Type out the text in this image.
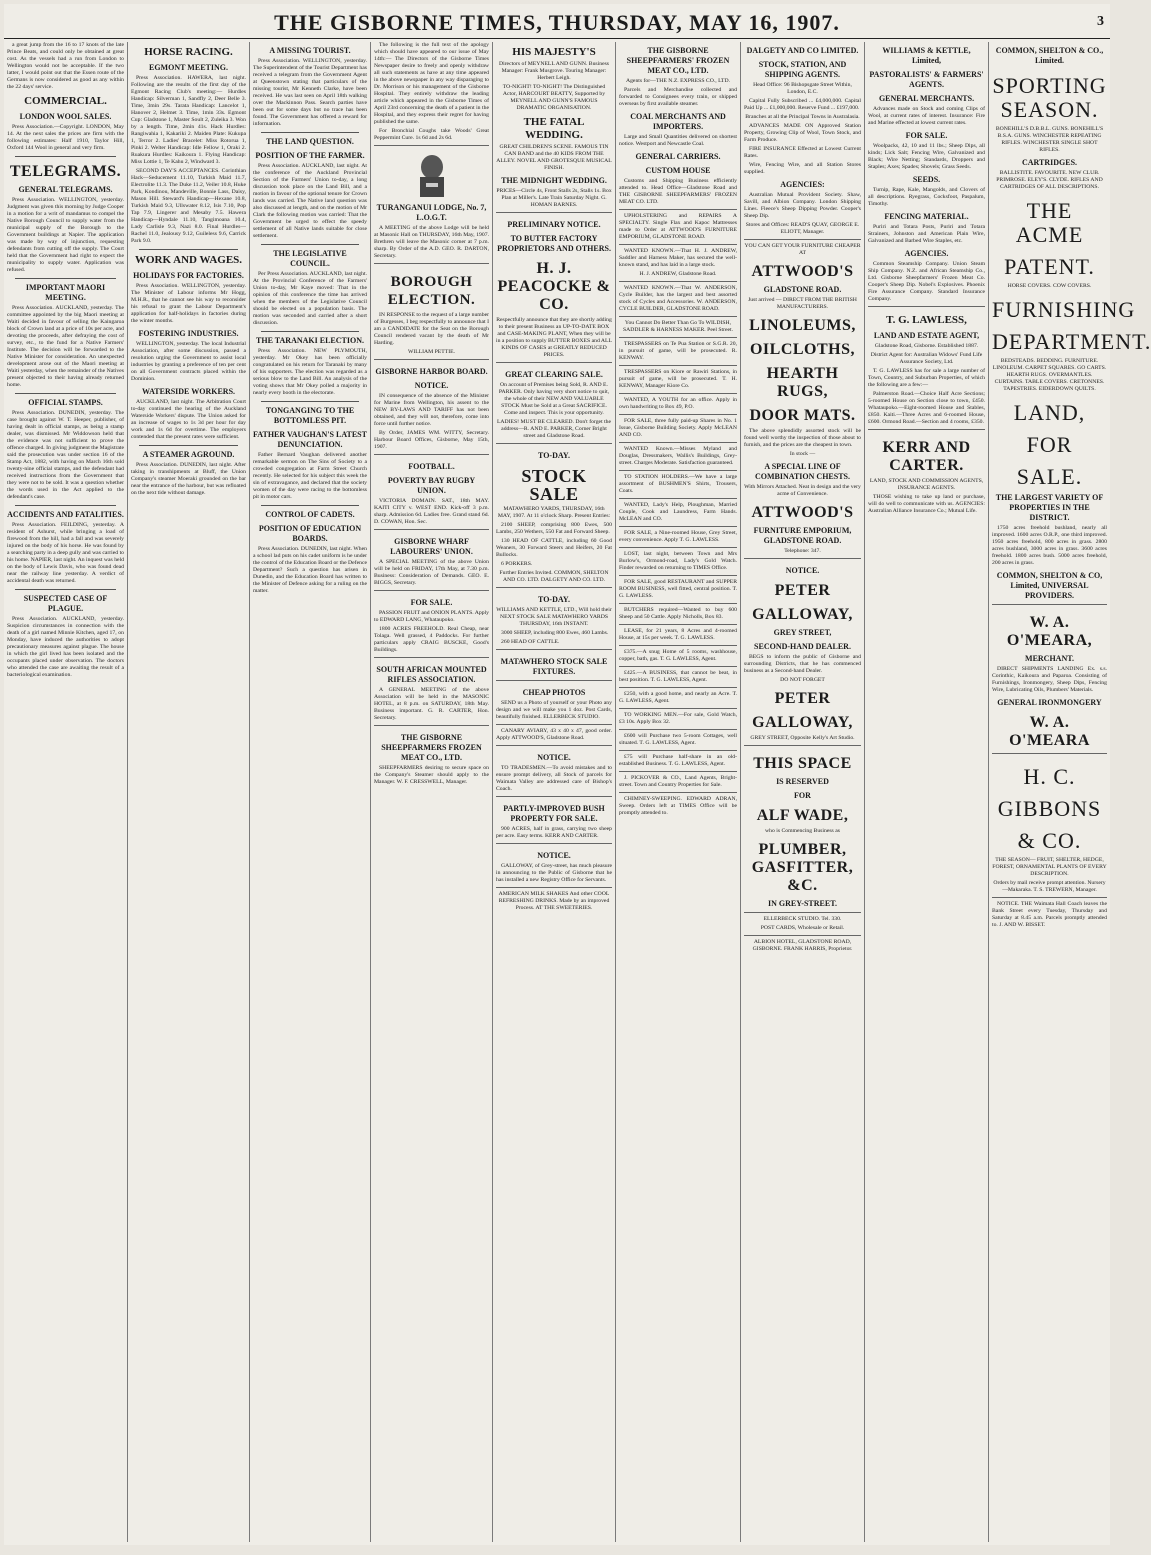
THE GISBORNE TIMES, THURSDAY, MAY 16, 1907.	3

a great jump from the 16 to 17 knots of the late Prince Beats, and could only be obtained at great cost. As the vessels had a run from London to Wellington would not be acceptable. If the two latter, I would point out that the Essen route of the Germans is now considered as good as any within the 22 days' service.

COMMERCIAL.
LONDON WOOL SALES.

Press Association.—Copyright. LONDON, May 14. At the next sales the prices are firm with the following estimates: Half 1910, Taylor Hill, Oxford 144 Wool in general and very firm.

TELEGRAMS.
GENERAL TELEGRAMS.

Press Association. WELLINGTON, yesterday. Judgment was given this morning by Judge Cooper in a motion for a writ of mandamus to compel the Native Borough Council to supply water from the municipal supply of the Borough to the Government buildings at Napier. The application was made by way of injunction, requesting defendants from cutting off the supply. The Court held that the Government had right to expect the municipality to supply water. Application was refused.

IMPORTANT MAORI MEETING.

Press Association. AUCKLAND, yesterday. The committee appointed by the big Maori meeting at Waiti decided in favour of selling the Kaingaroa block of Crown land at a price of 10s per acre, and devoting the proceeds, after defraying the cost of survey, etc., to the fund for a Native Farmers' Institute. The decision will be forwarded to the Native Minister for consideration. An unexpected development arose out of the Maori meeting at Waiti yesterday, when the remainder of the Natives present objected to their having already returned home.

OFFICIAL STAMPS.

Press Association. DUNEDIN, yesterday. The case brought against W. T. Heeper, publisher, of having dealt in official stamps, as being a stamp dealer, was dismissed. Mr Widdowson held that the evidence was not sufficient to prove the offence charged. In giving judgment the Magistrate said the prosecution was under section 16 of the Stamp Act, 1882, with having on March 16th sold twenty-nine official stamps, and the defendant had received instructions from the Government that they were not to be sold. It was a question whether the words used in the Act applied to the defendant's case.

ACCIDENTS AND FATALITIES.

Press Association. FEILDING, yesterday. A resident of Ashurst, while bringing a load of firewood from the hill, had a fall and was severely injured on the body of his horse. He was found by a searching party in a deep gully and was carried to his home. NAPIER, last night. An inquest was held on the body of Lewis Davis, who was found dead near the railway line yesterday. A verdict of accidental death was returned.

SUSPECTED CASE OF PLAGUE.

Press Association. AUCKLAND, yesterday. Suspicion circumstances in connection with the death of a girl named Minnie Kitchen, aged 17, on Monday, have induced the authorities to adopt precautionary measures against plague. The house in which the girl lived has been isolated and the occupants placed under observation. The doctors who attended the case are awaiting the result of a bacteriological examination.

HORSE RACING.
EGMONT MEETING.

Press Association. HAWERA, last night. Following are the results of the first day of the Egmont Racing Club's meeting:— Hurdles Handicap: Silverman 1, Sandfly 2, Deer Belle 3. Time, 3min 29s. Tarata Handicap: Lancelot 1, Hanover 2, Helmet 3. Time, 1min 33s. Egmont Cup: Gladstone 1, Master Soult 2, Zuleika 3. Won by a length. Time, 2min 41s. Hack Hurdles: Rangiwahia 1, Kakariki 2. Maiden Plate: Kukupa 1, Terror 2. Ladies' Bracelet: Miss Rotorua 1, Pinki 2. Welter Handicap: Idle Fellow 1, Oraki 2. Ruakura Hurdles: Kaikoura 1. Flying Handicap: Miss Lottie 1, Te Kahu 2, Windward 3.

SECOND DAY'S ACCEPTANCES. Corinthian Hack—Seducement 11.10, Turkish Maid 11.7, Electrolite 11.3. The Duke 11.2, Veiler 10.8, Huke Park, Kondinou, Mandeville, Bonnie Lass, Daisy, Mason Hill. Steward's Handicap—Hexane 10.8, Turkish Maid 9.3, Ullswater 8.12, Isis 7.10, Pop Tap 7.9, Lingerer and Mesaby 7.5. Hawera Handicap—Hyndale 11.10, Tangimoana 10.4, Lady Carlisle 9.3, Nazi 8.0. Final Hurdles—Rachel 11.0, Jealousy 9.12, Guileless 9.6, Carrick Park 9.0.

WORK AND WAGES.
HOLIDAYS FOR FACTORIES.

Press Association. WELLINGTON, yesterday. The Minister of Labour informs Mr Hogg, M.H.R., that he cannot see his way to reconsider his refusal to grant the Labour Department's application for half-holidays in factories during the winter months.

FOSTERING INDUSTRIES.

WELLINGTON, yesterday. The local Industrial Association, after some discussion, passed a resolution urging the Government to assist local industries by granting a preference of ten per cent on all Government contracts placed within the Dominion.

WATERSIDE WORKERS.

AUCKLAND, last night. The Arbitration Court to-day continued the hearing of the Auckland Waterside Workers' dispute. The Union asked for an increase of wages to 1s 3d per hour for day work and 1s 6d for overtime. The employers contended that the present rates were sufficient.

A STEAMER AGROUND.

Press Association. DUNEDIN, last night. After taking in transhipments at Bluff, the Union Company's steamer Moeraki grounded on the bar near the entrance of the harbour, but was refloated on the next tide without damage.

A MISSING TOURIST.

Press Association. WELLINGTON, yesterday. The Superintendent of the Tourist Department has received a telegram from the Government Agent at Queenstown stating that particulars of the missing tourist, Mr Kenneth Clarke, have been received. He was last seen on April 18th walking over the Mackinnon Pass. Search parties have been out for some days but no trace has been found. The Government has offered a reward for information.

THE LAND QUESTION.
POSITION OF THE FARMER.

Press Association. AUCKLAND, last night. At the conference of the Auckland Provincial Section of the Farmers' Union to-day, a long discussion took place on the Land Bill, and a motion in favour of the optional tenure for Crown lands was carried. The Native land question was also discussed at length, and on the motion of Mr Clark the following motion was carried: That the Government be urged to effect the speedy settlement of all Native lands suitable for close settlement.

THE LEGISLATIVE COUNCIL.

Per Press Association. AUCKLAND, last night. At the Provincial Conference of the Farmers' Union to-day, Mr Kaye moved: That in the opinion of this conference the time has arrived when the members of the Legislative Council should be elected on a population basis. The motion was seconded and carried after a short discussion.

THE TARANAKI ELECTION.

Press Association. NEW PLYMOUTH, yesterday. Mr Okey has been officially congratulated on his return for Taranaki by many of his supporters. The election was regarded as a serious blow to the Land Bill. An analysis of the voting shows that Mr Okey polled a majority in nearly every booth in the electorate.

TONGANGING TO THE BOTTOMLESS PIT.
FATHER VAUGHAN'S LATEST DENUNCIATION.

Father Bernard Vaughan delivered another remarkable sermon on The Sins of Society to a crowded congregation at Farm Street Church recently. He selected for his subject this week the sin of extravagance, and declared that the society women of the day were racing to the bottomless pit in motor cars.

CONTROL OF CADETS.
POSITION OF EDUCATION BOARDS.

Press Association. DUNEDIN, last night. When a school lad puts on his cadet uniform is he under the control of the Education Board or the Defence Department? Such a question has arisen in Dunedin, and the Education Board has written to the Minister of Defence asking for a ruling on the matter.

The following is the full text of the apology which should have appeared to our issue of May 14th:— The Directors of the Gisborne Times Newspaper desire to freely and openly withdraw all such statements as have at any time appeared in the above newspaper in any way disparaging to Dr. Morrison or his management of the Gisborne Hospital. They entirely withdraw the leading article which appeared in the Gisborne Times of April 23rd concerning the death of a patient in the Hospital, and they express their regret for having published the same.

For Bronchial Coughs take Woods' Great Peppermint Cure. 1s 6d and 2s 6d.

TURANGANUI LODGE, No. 7, L.O.G.T.

A MEETING of the above Lodge will be held at Masonic Hall on THURSDAY, 16th May, 1907. Brethren will leave the Masonic corner at 7 p.m. sharp. By Order of the A.D. GEO. R. DARTON, Secretary.

BOROUGH ELECTION.

IN RESPONSE to the request of a large number of Burgesses, I beg respectfully to announce that I am a CANDIDATE for the Seat on the Borough Council rendered vacant by the death of Mr Harding.

WILLIAM PETTIE.

GISBORNE HARBOR BOARD.
NOTICE.

IN consequence of the absence of the Minister for Marine from Wellington, his assent to the NEW BY-LAWS AND TARIFF has not been obtained, and they will not, therefore, come into force until further notice.

By Order, JAMES WM. WITTY, Secretary. Harbour Board Offices, Gisborne, May 15th, 1907.

FOOTBALL.
POVERTY BAY RUGBY UNION.

VICTORIA DOMAIN. SAT., 18th MAY. KAITI CITY v. WEST END. Kick-off 3 p.m. sharp. Admission 6d. Ladies free. Grand stand 6d. D. COWAN, Hon. Sec.

GISBORNE WHARF LABOURERS' UNION.

A SPECIAL MEETING of the above Union will be held on FRIDAY, 17th May, at 7.30 p.m. Business: Consideration of Demands. GEO. E. BIGGS, Secretary.

FOR SALE.

PASSION FRUIT and ONION PLANTS. Apply to EDWARD LANG, Whataupoko.

1800 ACRES FREEHOLD. Real Cheap, near Tolaga. Well grassed, 4 Paddocks. For further particulars apply CRAIG BUSCKE, Good's Buildings.

SOUTH AFRICAN MOUNTED RIFLES ASSOCIATION.

A GENERAL MEETING of the above Association will be held in the MASONIC HOTEL, at 8 p.m. on SATURDAY, 18th May. Business important. G. R. CARTER, Hon. Secretary.

THE GISBORNE SHEEPFARMERS FROZEN MEAT CO., LTD.

SHEEPFARMERS desiring to secure space on the Company's Steamer should apply to the Manager. W. F. CRESSWELL, Manager.

HIS MAJESTY'S

Directors of MEYNELL AND GUNN. Business Manager: Frank Musgrove. Touring Manager: Herbert Leigh.

TO-NIGHT! TO-NIGHT! The Distinguished Actor, HARCOURT BEATTY, Supported by MEYNELL AND GUNN'S FAMOUS DRAMATIC ORGANISATION.

THE FATAL WEDDING.

GREAT CHILDREN'S SCENE. FAMOUS TIN CAN BAND and the 40 KIDS FROM THE ALLEY. NOVEL AND GROTESQUE MUSICAL FINISH.

THE MIDNIGHT WEDDING.

PRICES—Circle 4s, Front Stalls 2s, Stalls 1s. Box Plan at Miller's. Late Train Saturday Night. G. HOMAN BARNES.

PRELIMINARY NOTICE.
TO BUTTER FACTORY PROPRIETORS AND OTHERS.
H. J. PEACOCKE & CO.

Respectfully announce that they are shortly adding to their present Business an UP-TO-DATE BOX and CASE-MAKING PLANT, When they will be in a position to supply BUTTER BOXES and ALL KINDS OF CASES at GREATLY REDUCED PRICES.

GREAT CLEARING SALE.

On account of Premises being Sold, R. AND E. PARKER. Only having very short notice to quit, the whole of their NEW AND VALUABLE STOCK Must be Sold at a Great SACRIFICE. Come and inspect. This is your opportunity.

LADIES! MUST BE CLEARED. Don't forget the address—R. AND E. PARKER, Corner Bright street and Gladstone Road.

TO-DAY.
STOCK SALE

MATAWHERO YARDS, THURSDAY, 16th MAY, 1907. At 11 o'clock Sharp. Present Entries:

2100 SHEEP, comprising 800 Ewes, 500 Lambs, 250 Wethers, 550 Fat and Forward Sheep.

130 HEAD OF CATTLE, including 60 Good Weaners, 30 Forward Steers and Heifers, 20 Fat Bullocks.

6 PORKERS.

Further Entries Invited. COMMON, SHELTON AND CO. LTD. DALGETY AND CO. LTD.

TO-DAY.

WILLIAMS AND KETTLE, LTD., Will hold their NEXT STOCK SALE MATAWHERO YARDS THURSDAY, 16th INSTANT.

3000 SHEEP, including 800 Ewes, 460 Lambs.

260 HEAD OF CATTLE.

MATAWHERO STOCK SALE FIXTURES.
CHEAP PHOTOS

SEND us a Photo of yourself or your Photo any design and we will make you 1 doz. Post Cards, beautifully finished. ELLERBECK STUDIO.

CANARY AVIARY, 43 x 40 x 47, good order. Apply ATTWOOD'S, Gladstone Road.

NOTICE.

TO TRADESMEN.—To avoid mistakes and to ensure prompt delivery, all Stock of parcels for Waimata Valley are addressed care of Bishop's Coach.

PARTLY-IMPROVED BUSH PROPERTY FOR SALE.

900 ACRES, half in grass, carrying two sheep per acre. Easy terms. KERR AND CARTER.

NOTICE.

GALLOWAY, of Grey-street, has much pleasure in announcing to the Public of Gisborne that he has installed a new Registry Office for Servants.

AMERICAN MILK SHAKES And other COOL REFRESHING DRINKS. Made by an improved Process. AT THE SWEETERIES.

THE GISBORNE SHEEPFARMERS' FROZEN MEAT CO., LTD.

Agents for—THE N.Z. EXPRESS CO., LTD.

Parcels and Merchandise collected and forwarded to Consignees every train, or shipped overseas by first available steamer.

COAL MERCHANTS AND IMPORTERS.

Large and Small Quantities delivered on shortest notice. Westport and Newcastle Coal.

GENERAL CARRIERS.
CUSTOM HOUSE

Customs and Shipping Business efficiently attended to. Head Office—Gladstone Road and THE GISBORNE SHEEPFARMERS' FROZEN MEAT CO. LTD.

UPHOLSTERING and REPAIRS A SPECIALTY. Single Flax and Kapoc Mattresses made to Order at ATTWOOD'S FURNITURE EMPORIUM, GLADSTONE ROAD.

WANTED KNOWN.—That H. J. ANDREW, Saddler and Harness Maker, has secured the well-known stand, and has laid in a large stock.

H. J. ANDREW, Gladstone Road.

WANTED KNOWN.—That W. ANDERSON, Cycle Builder, has the largest and best assorted stock of Cycles and Accessories. W. ANDERSON, CYCLE BUILDER, GLADSTONE ROAD.

You Cannot Do Better Than Go To WILDISH, SADDLER & HARNESS MAKER. Peel Street.

TRESPASSERS on Te Pua Station or S.G.R. 20, in pursuit of game, will be prosecuted. R. KENWAY.

TRESPASSERS on Kiore or Rawiri Stations, in pursuit of game, will be prosecuted. T. H. KENWAY, Manager Kiore Co.

WANTED, A YOUTH for an office. Apply in own handwriting to Box 49, P.O.

FOR SALE, three fully paid-up Shares in No. 1 Issue, Gisborne Building Society. Apply McLEAN AND CO.

WANTED Known.—Misses Myland and Douglas, Dressmakers, Wallis's Buildings, Grey-street. Charges Moderate. Satisfaction guaranteed.

TO STATION HOLDERS.—We have a large assortment of BUSHMEN'S Shirts, Trousers, Coats.

WANTED, Lady's Help, Ploughman, Married Couple, Cook and Laundress, Farm Hands. McLEAN and CO.

FOR SALE, a Nine-roomed House, Grey Street, every convenience. Apply T. G. LAWLESS.

LOST, last night, between Town and Mrs Burlow's, Ormond-road, Lady's Gold Watch. Finder rewarded on returning to TIMES Office.

FOR SALE, good RESTAURANT and SUPPER ROOM BUSINESS, well fitted, central position. T. G. LAWLESS.

BUTCHERS required—Wanted to buy 600 Sheep and 50 Cattle. Apply Nicholls, Box 83.

LEASE, for 21 years, 8 Acres and 4-roomed House, at 15s per week. T. G. LAWLESS.

£375.—A snug Home of 5 rooms, washhouse, copper, bath, gas. T. G. LAWLESS, Agent.

£425.—A BUSINESS, that cannot be beat, in best position. T. G. LAWLESS, Agent.

£250, with a good home, and nearly an Acre. T. G. LAWLESS, Agent.

TO WORKING MEN.—For sale, Gold Watch, £3 10s. Apply Box 32.

£600 will Purchase two 5-room Cottages, well situated. T. G. LAWLESS, Agent.

£75 will Purchase half-share in an old-established Business. T. G. LAWLESS, Agent.

J. PICKOVER & CO., Land Agents, Bright-street. Town and Country Properties for Sale.

CHIMNEY-SWEEPING. EDWARD ADRAN, Sweep. Orders left at TIMES Office will be promptly attended to.

DALGETY AND CO LIMITED.
STOCK, STATION, AND SHIPPING AGENTS.

Head Office: 96 Bishopsgate Street Within, London, E.C.

Capital Fully Subscribed ... £4,000,000. Capital Paid Up ... £1,000,000. Reserve Fund ... £197,000.

Branches at all the Principal Towns in Australasia.

ADVANCES MADE ON Approved Station Property, Growing Clip of Wool, Town Stock, and Farm Produce.

FIRE INSURANCE Effected at Lowest Current Rates.

Wire, Fencing Wire, and all Station Stores supplied.

AGENCIES:

Australian Mutual Provident Society. Shaw, Savill, and Albion Company. London Shipping Lines. Fleece's Sheep Dipping Powder. Cooper's Sheep Dip.

Stores and Offices: READ'S QUAY, GEORGE E. ELIOTT, Manager.

YOU CAN GET YOUR FURNITURE CHEAPER AT

ATTWOOD'S
GLADSTONE ROAD.

Just arrived — DIRECT FROM THE BRITISH MANUFACTURERS.

LINOLEUMS,
OILCLOTHS,
HEARTH RUGS,
DOOR MATS.

The above splendidly assorted stock will be found well worthy the inspection of those about to furnish, and the prices are the cheapest in town.

In stock —

A SPECIAL LINE OF COMBINATION CHESTS.

With Mirrors Attached. Neat in design and the very acme of Convenience.

ATTWOOD'S
FURNITURE EMPORIUM, GLADSTONE ROAD.

Telephone: 347.

NOTICE.
PETER
GALLOWAY,
GREY STREET,
SECOND-HAND DEALER.

BEGS to inform the public of Gisborne and surrounding Districts, that he has commenced business as a Second-hand Dealer.

DO NOT FORGET

PETER
GALLOWAY,

GREY STREET, Opposite Kelly's Art Studio.

THIS SPACE
IS RESERVED
FOR
ALF WADE,

who is Commencing Business as

PLUMBER, GASFITTER, &C.
IN GREY-STREET.

ELLERBECK STUDIO. Tel. 330.

POST CARDS, Wholesale or Retail.

ALBION HOTEL, GLADSTONE ROAD, GISBORNE. FRANK HARRIS, Proprietor.

WILLIAMS & KETTLE, Limited,
PASTORALISTS' & FARMERS' AGENTS.
GENERAL MERCHANTS.

Advances made on Stock and coming Clips of Wool, at current rates of interest. Insurance: Fire and Marine effected at lowest current rates.

FOR SALE.

Woolpacks, 42, 10 and 11 lbs.; Sheep Dips, all kinds; Lick Salt; Fencing Wire, Galvanized and Black; Wire Netting; Standards, Droppers and Staples; Axes; Spades; Shovels; Grass Seeds.

SEEDS.

Turnip, Rape, Kale, Mangolds, and Clovers of all descriptions. Ryegrass, Cocksfoot, Paspalum, Timothy.

FENCING MATERIAL.

Puriri and Totara Posts, Puriri and Totara Strainers, Johnston and American Plain Wire, Galvanized and Barbed Wire Staples, etc.

AGENCIES.

Common Steamship Company. Union Steam Ship Company. N.Z. and African Steamship Co., Ltd. Gisborne Sheepfarmers' Frozen Meat Co. Cooper's Sheep Dip. Nobel's Explosives. Phoenix Fire Assurance Company. Standard Insurance Company.

T. G. LAWLESS,
LAND AND ESTATE AGENT,

Gladstone Road, Gisborne. Established 1887.

District Agent for: Australian Widows' Fund Life Assurance Society, Ltd.

T. G. LAWLESS has for sale a large number of Town, Country, and Suburban Properties, of which the following are a few:—

Palmerston Road.—Choice Half Acre Sections; 5-roomed House on Section close to town, £450. Whataupoko.—Eight-roomed House and Stables, £850. Kaiti.—Three Acres and 6-roomed House, £600. Ormond Road.—Section and 4 rooms, £350.

KERR AND CARTER.

LAND, STOCK AND COMMISSION AGENTS, INSURANCE AGENTS.

THOSE wishing to take up land or purchase, will do well to communicate with us. AGENCIES: Australian Alliance Insurance Co.; Mutual Life.

COMMON, SHELTON & CO., Limited.
SPORTING SEASON.

BONEHILL'S D.B.B.L. GUNS. BONEHILL'S B.S.A. GUNS. WINCHESTER REPEATING RIFLES. WINCHESTER SINGLE SHOT RIFLES.

CARTRIDGES.

BALLISTITE. FAVOURITE. NEW CLUB. PRIMROSE. ELEY'S. CLYDE. RIFLES AND CARTRIDGES OF ALL DESCRIPTIONS.

THE ACME
PATENT.

HORSE COVERS. COW COVERS.

FURNISHING
DEPARTMENT.

BEDSTEADS. BEDDING. FURNITURE. LINOLEUM. CARPET SQUARES. GO CARTS. HEARTH RUGS. OVERMANTLES. CURTAINS. TABLE COVERS. CRETONNES. TAPESTRIES. EIDERDOWN QUILTS.

LAND,
FOR
SALE.
THE LARGEST VARIETY OF PROPERTIES IN THE DISTRICT.

1750 acres freehold bushland, nearly all improved. 1600 acres O.R.P., one third improved. 1950 acres freehold, 800 acres in grass. 2800 acres bushland, 3000 acres in grass. 3600 acres freehold. 1800 acres bush. 5000 acres freehold, 200 acres in grass.

COMMON, SHELTON & CO, Limited, UNIVERSAL PROVIDERS.
W. A. O'MEARA,
MERCHANT.

DIRECT SHIPMENTS LANDING Ex. s.s. Corinthic, Kaikoura and Paparoa. Consisting of Furnishings, Ironmongery, Sheep Dips, Fencing Wire, Lubricating Oils, Plumbers' Materials.

GENERAL IRONMONGERY
W. A. O'MEARA
H. C.
GIBBONS
& CO.

THE SEASON— FRUIT, SHELTER, HEDGE, FOREST, ORNAMENTAL PLANTS OF EVERY DESCRIPTION.

Orders by mail receive prompt attention. Nursery—Makaraka. T. S. TREWERN, Manager.

NOTICE. THE Waimata Hall Coach leaves the Bank Street every Tuesday, Thursday and Saturday at 8.45 a.m. Parcels promptly attended to. J. AND W. BISSET.
